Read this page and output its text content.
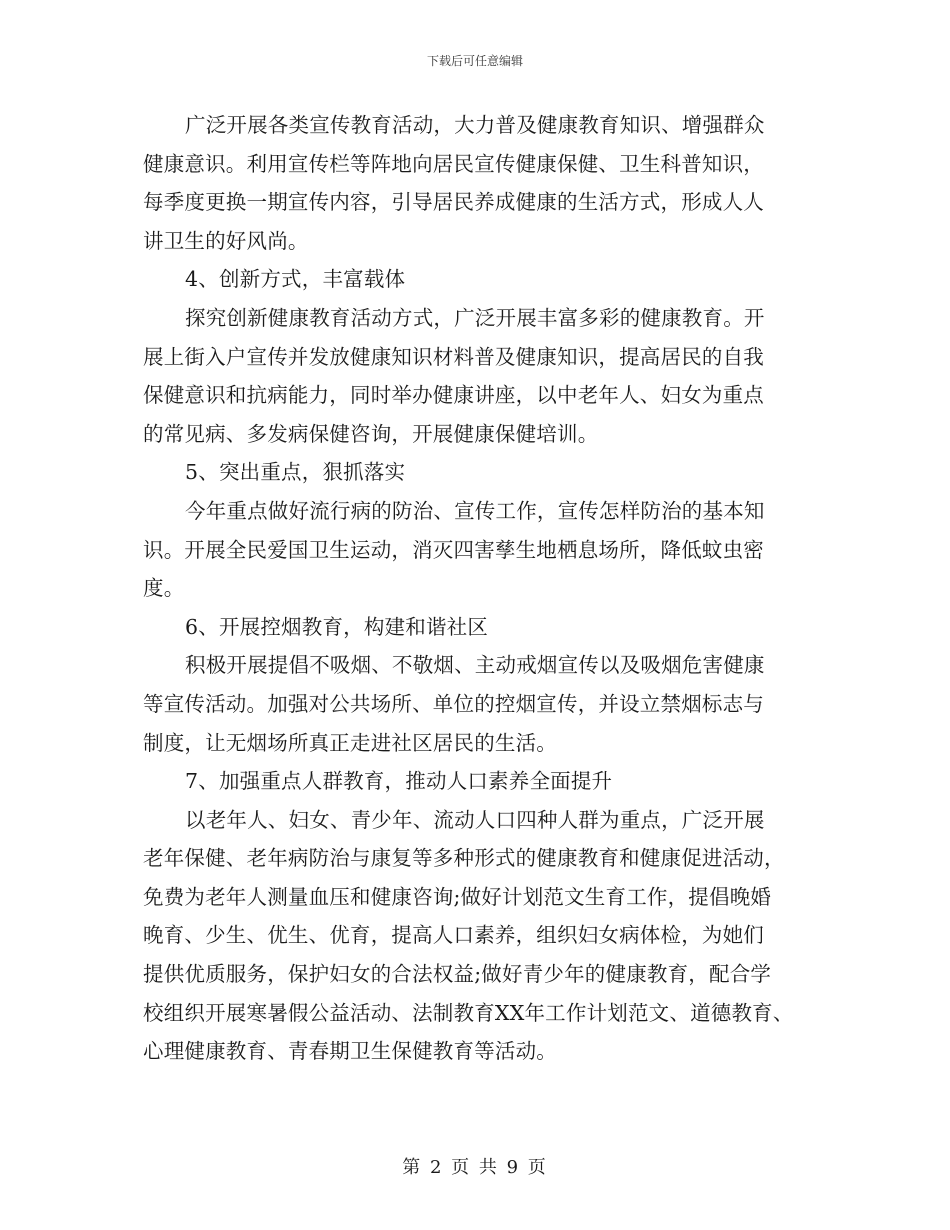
下载后可任意编辑
广泛开展各类宣传教育活动，大力普及健康教育知识、增强群众
健康意识。利用宣传栏等阵地向居民宣传健康保健、卫生科普知识，
每季度更换一期宣传内容，引导居民养成健康的生活方式，形成人人
讲卫生的好风尚。
4、创新方式，丰富载体
探究创新健康教育活动方式，广泛开展丰富多彩的健康教育。开
展上街入户宣传并发放健康知识材料普及健康知识，提高居民的自我
保健意识和抗病能力，同时举办健康讲座，以中老年人、妇女为重点
的常见病、多发病保健咨询，开展健康保健培训。
5、突出重点，狠抓落实
今年重点做好流行病的防治、宣传工作，宣传怎样防治的基本知
识。开展全民爱国卫生运动，消灭四害孳生地栖息场所，降低蚊虫密
度。
6、开展控烟教育，构建和谐社区
积极开展提倡不吸烟、不敬烟、主动戒烟宣传以及吸烟危害健康
等宣传活动。加强对公共场所、单位的控烟宣传，并设立禁烟标志与
制度，让无烟场所真正走进社区居民的生活。
7、加强重点人群教育，推动人口素养全面提升
以老年人、妇女、青少年、流动人口四种人群为重点，广泛开展
老年保健、老年病防治与康复等多种形式的健康教育和健康促进活动，
免费为老年人测量血压和健康咨询;做好计划范文生育工作，提倡晚婚
晚育、少生、优生、优育，提高人口素养，组织妇女病体检，为她们
提供优质服务，保护妇女的合法权益;做好青少年的健康教育，配合学
校组织开展寒暑假公益活动、法制教育XX年工作计划范文、道德教育、
心理健康教育、青春期卫生保健教育等活动。
第 2 页 共 9 页
